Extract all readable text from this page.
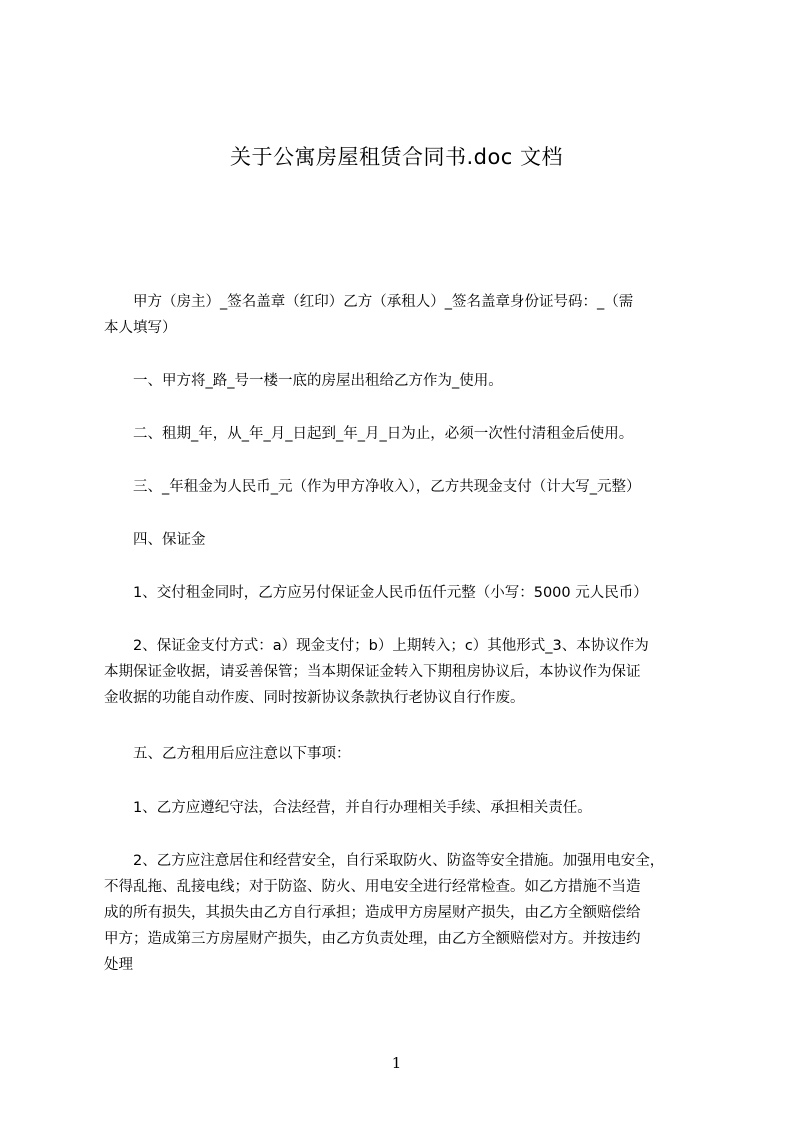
关于公寓房屋租赁合同书.doc 文档
　　甲方（房主）_签名盖章（红印）乙方（承租人）_签名盖章身份证号码：_（需
本人填写）
　　一、甲方将_路_号一楼一底的房屋出租给乙方作为_使用。
　　二、租期_年，从_年_月_日起到_年_月_日为止，必须一次性付清租金后使用。
　　三、_年租金为人民币_元（作为甲方净收入），乙方共现金支付（计大写_元整）
　　四、保证金
　　1、交付租金同时，乙方应另付保证金人民币伍仟元整（小写：5000 元人民币）
　　2、保证金支付方式：a）现金支付；b）上期转入；c）其他形式_3、本协议作为
本期保证金收据，请妥善保管；当本期保证金转入下期租房协议后，本协议作为保证
金收据的功能自动作废、同时按新协议条款执行老协议自行作废。
　　五、乙方租用后应注意以下事项：
　　1、乙方应遵纪守法，合法经营，并自行办理相关手续、承担相关责任。
　　2、乙方应注意居住和经营安全，自行采取防火、防盗等安全措施。加强用电安全，
不得乱拖、乱接电线；对于防盗、防火、用电安全进行经常检查。如乙方措施不当造
成的所有损失，其损失由乙方自行承担；造成甲方房屋财产损失，由乙方全额赔偿给
甲方；造成第三方房屋财产损失，由乙方负责处理，由乙方全额赔偿对方。并按违约
处理
1
